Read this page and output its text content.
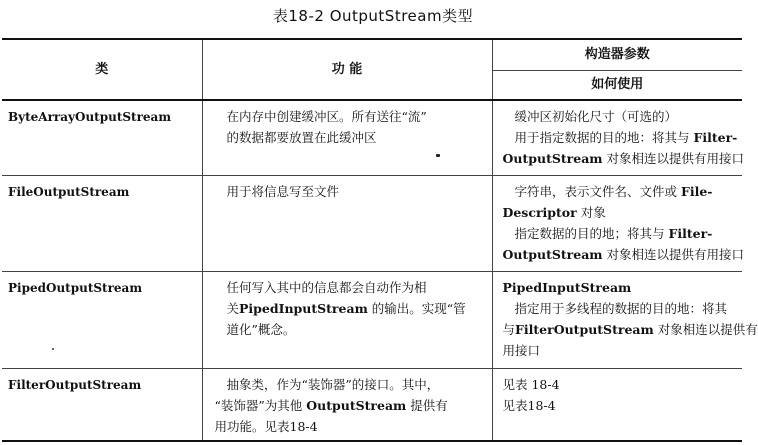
表18-2 OutputStream类型
类	功 能	构造器参数
		如何使用
ByteArrayOutputStream	在内存中创建缓冲区。所有送往“流”
的数据都要放置在此缓冲区	缓冲区初始化尺寸（可选的）
用于指定数据的目的地：将其与 Filter-
OutputStream 对象相连以提供有用接口

FileOutputStream	用于将信息写至文件	字符串，表示文件名、文件或 File-
Descriptor 对象
指定数据的目的地；将其与 Filter-
OutputStream 对象相连以提供有用接口

PipedOutputStream	任何写入其中的信息都会自动作为相
关PipedInputStream 的输出。实现“管
道化”概念。	PipedInputStream
指定用于多线程的数据的目的地：将其
与FilterOutputStream 对象相连以提供有
用接口

FilterOutputStream	抽象类，作为“装饰器”的接口。其中，
“装饰器”为其他 OutputStream 提供有
用功能。见表18-4	见表 18-4
见表18-4
